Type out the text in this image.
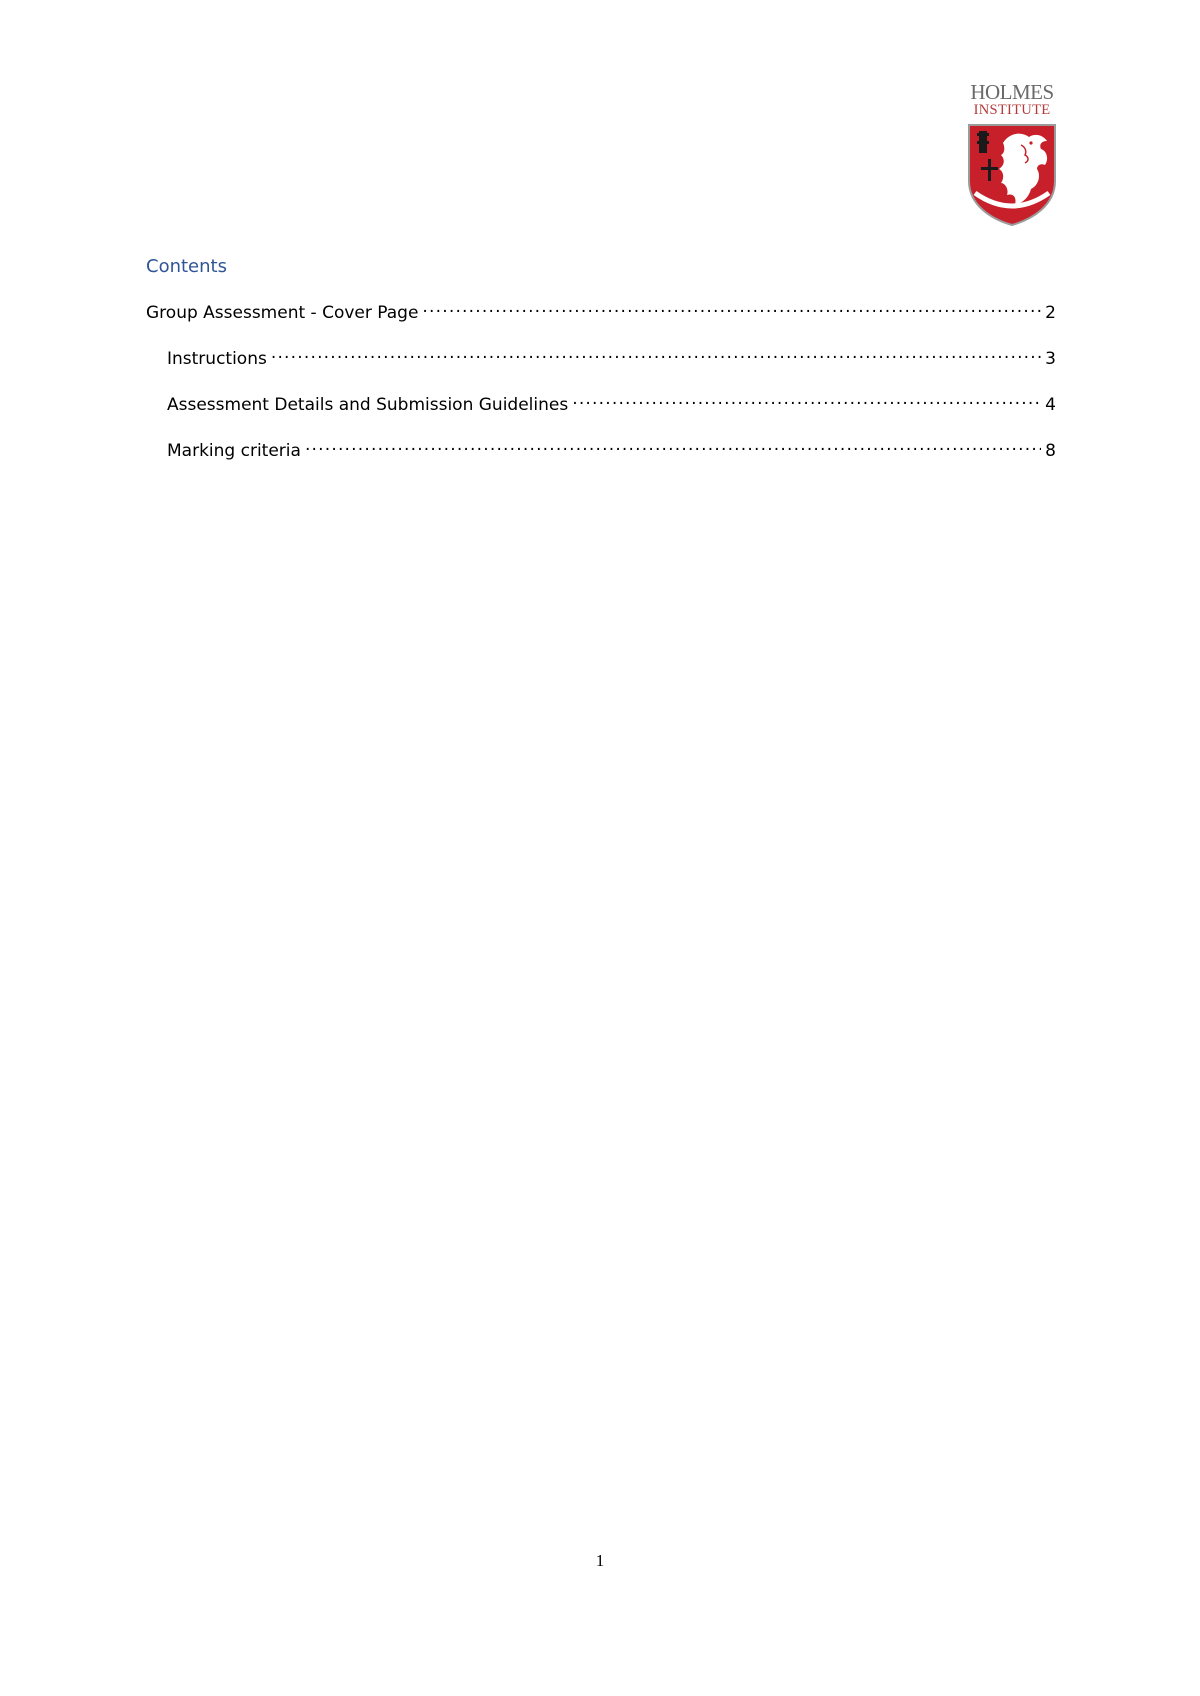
HOLMES
INSTITUTE
Contents
Group Assessment - Cover Page .....	2
Instructions .....	3
Assessment Details and Submission Guidelines .....	4
Marking criteria .....	8
1
